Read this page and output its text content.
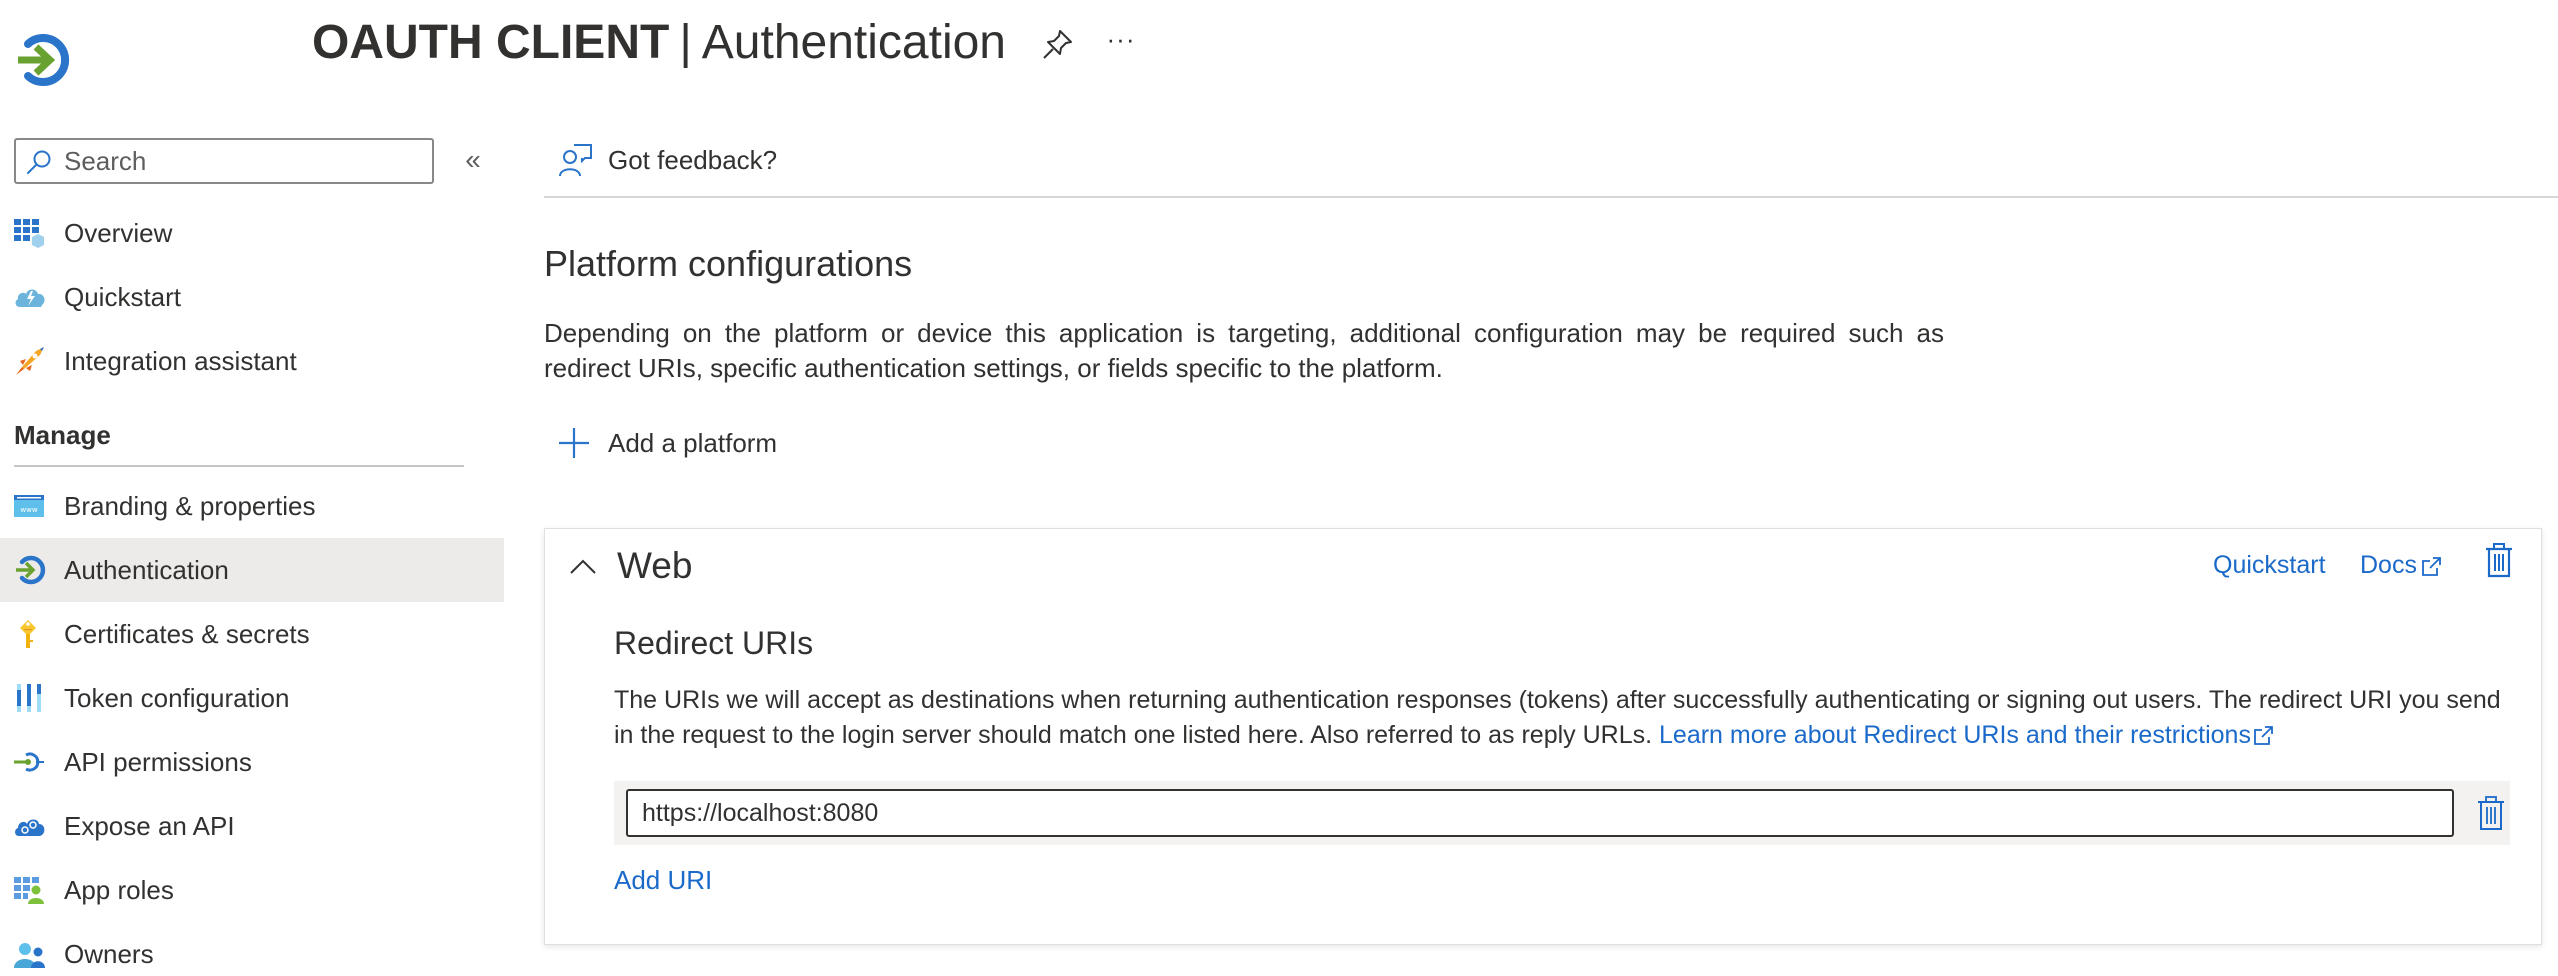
OAUTH CLIENT | Authentication	···
Search
«
Overview
Quickstart
Integration assistant
Manage
www Branding & properties
Authentication
Certificates & secrets
Token configuration
API permissions
Expose an API
App roles
Owners
Got feedback?
Platform configurations
Depending on the platform or device this application is targeting, additional configuration may be required such as redirect URIs, specific authentication settings, or fields specific to the platform.
Add a platform
Web	Quickstart Docs
Redirect URIs
The URIs we will accept as destinations when returning authentication responses (tokens) after successfully authenticating or signing out users. The redirect URI you send in the request to the login server should match one listed here. Also referred to as reply URLs. Learn more about Redirect URIs and their restrictions
https://localhost:8080
Add URI
